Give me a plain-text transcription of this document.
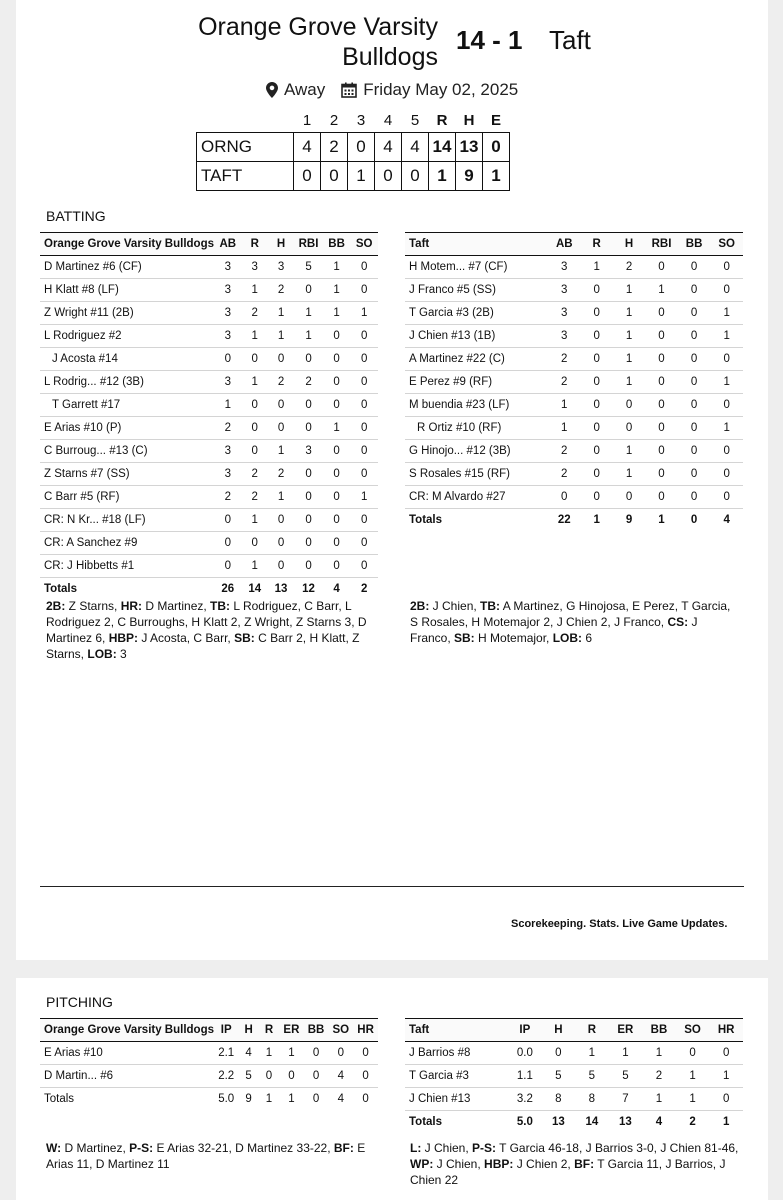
Orange Grove Varsity Bulldogs
14 - 1 Taft
Away Friday May 02, 2025
	1	2	3	4	5	R	H	E
ORNG	4	2	0	4	4	14	13	0
TAFT	0	0	1	0	0	1	9	1
BATTING
Orange Grove Varsity Bulldogs	AB	R	H	RBI	BB	SO
D Martinez #6 (CF)	3	3	3	5	1	0
H Klatt #8 (LF)	3	1	2	0	1	0
Z Wright #11 (2B)	3	2	1	1	1	1
L Rodriguez #2	3	1	1	1	0	0
J Acosta #14	0	0	0	0	0	0
L Rodrig... #12 (3B)	3	1	2	2	0	0
T Garrett #17	1	0	0	0	0	0
E Arias #10 (P)	2	0	0	0	1	0
C Burroug... #13 (C)	3	0	1	3	0	0
Z Starns #7 (SS)	3	2	2	0	0	0
C Barr #5 (RF)	2	2	1	0	0	1
CR: N Kr... #18 (LF)	0	1	0	0	0	0
CR: A Sanchez #9	0	0	0	0	0	0
CR: J Hibbetts #1	0	1	0	0	0	0
Totals	26	14	13	12	4	2
Taft	AB	R	H	RBI	BB	SO
H Motem... #7 (CF)	3	1	2	0	0	0
J Franco #5 (SS)	3	0	1	1	0	0
T Garcia #3 (2B)	3	0	1	0	0	1
J Chien #13 (1B)	3	0	1	0	0	1
A Martinez #22 (C)	2	0	1	0	0	0
E Perez #9 (RF)	2	0	1	0	0	1
M buendia #23 (LF)	1	0	0	0	0	0
R Ortiz #10 (RF)	1	0	0	0	0	1
G Hinojo... #12 (3B)	2	0	1	0	0	0
S Rosales #15 (RF)	2	0	1	0	0	0
CR: M Alvardo #27	0	0	0	0	0	0
Totals	22	1	9	1	0	4
2B: Z Starns, HR: D Martinez, TB: L Rodriguez, C Barr, L Rodriguez 2, C Burroughs, H Klatt 2, Z Wright, Z Starns 3, D Martinez 6, HBP: J Acosta, C Barr, SB: C Barr 2, H Klatt, Z Starns, LOB: 3
2B: J Chien, TB: A Martinez, G Hinojosa, E Perez, T Garcia, S Rosales, H Motemajor 2, J Chien 2, J Franco, CS: J Franco, SB: H Motemajor, LOB: 6
Scorekeeping. Stats. Live Game Updates.
PITCHING
Orange Grove Varsity Bulldogs	IP	H	R	ER	BB	SO	HR
E Arias #10	2.1	4	1	1	0	0	0
D Martin... #6	2.2	5	0	0	0	4	0
Totals	5.0	9	1	1	0	4	0
Taft	IP	H	R	ER	BB	SO	HR
J Barrios #8	0.0	0	1	1	1	0	0
T Garcia #3	1.1	5	5	5	2	1	1
J Chien #13	3.2	8	8	7	1	1	0
Totals	5.0	13	14	13	4	2	1
W: D Martinez, P-S: E Arias 32-21, D Martinez 33-22, BF: E Arias 11, D Martinez 11
L: J Chien, P-S: T Garcia 46-18, J Barrios 3-0, J Chien 81-46, WP: J Chien, HBP: J Chien 2, BF: T Garcia 11, J Barrios, J Chien 22
